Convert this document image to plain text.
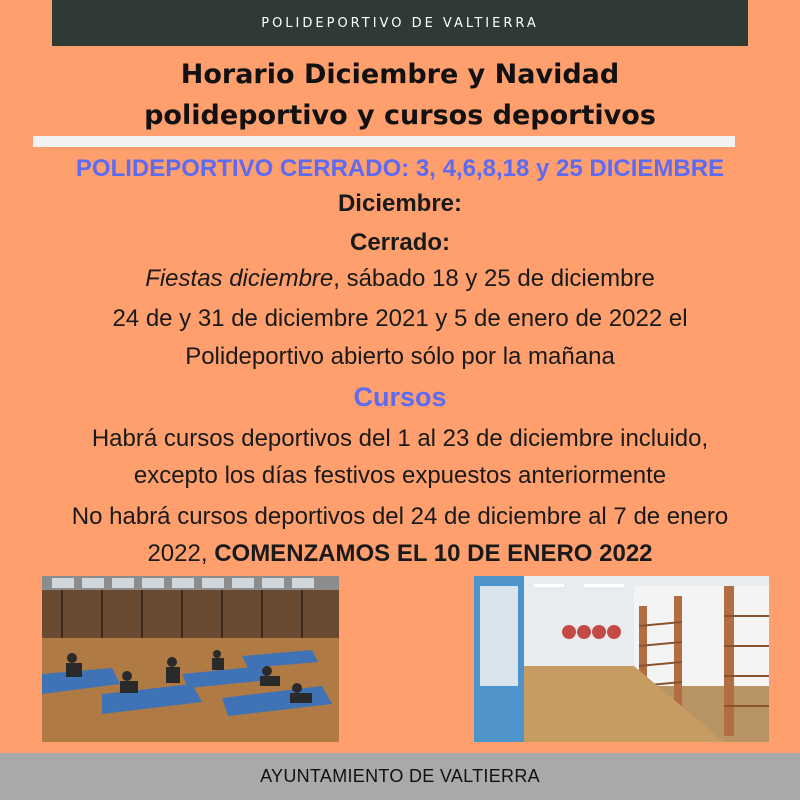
POLIDEPORTIVO DE VALTIERRA
Horario Diciembre y Navidad
polideportivo y cursos deportivos
POLIDEPORTIVO CERRADO: 3, 4,6,8,18 y 25 DICIEMBRE
Diciembre:
Cerrado:
Fiestas diciembre, sábado 18 y 25 de diciembre
24 de y 31 de diciembre 2021 y 5 de enero de 2022 el
Polideportivo abierto sólo por la mañana
Cursos
Habrá cursos deportivos del 1 al 23 de diciembre incluido,
excepto los días festivos expuestos anteriormente
No habrá cursos deportivos del 24 de diciembre al 7 de enero
2022, COMENZAMOS EL 10 DE ENERO 2022
AYUNTAMIENTO DE VALTIERRA
